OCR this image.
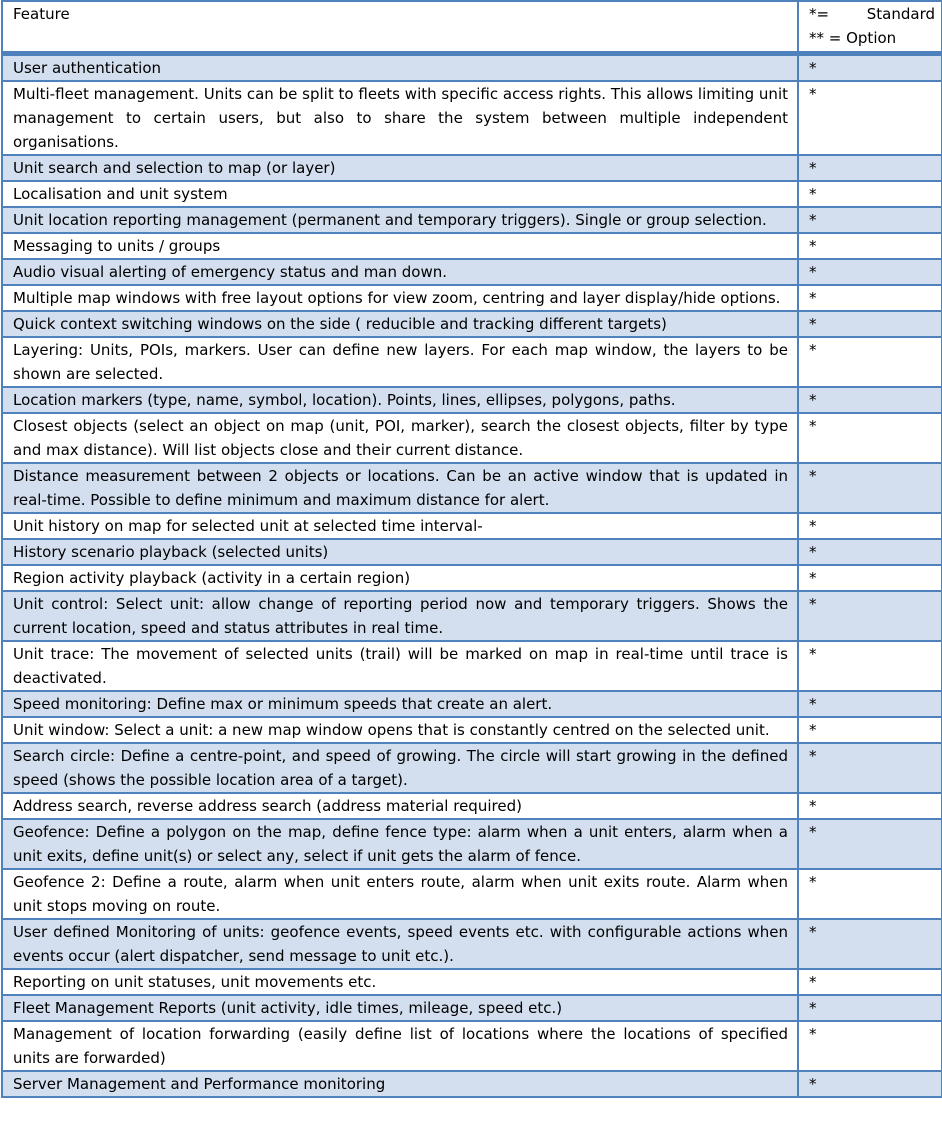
Feature	*= Standard
** = Option

User authentication	*
Multi-fleet management. Units can be split to fleets with specific access rights. This allows limiting unit management to certain users, but also to share the system between multiple independent organisations.	*
Unit search and selection to map (or layer)	*
Localisation and unit system	*
Unit location reporting management (permanent and temporary triggers). Single or group selection.	*
Messaging to units / groups	*
Audio visual alerting of emergency status and man down.	*
Multiple map windows with free layout options for view zoom, centring and layer display/hide options.	*
Quick context switching windows on the side ( reducible and tracking different targets)	*
Layering: Units, POIs, markers. User can define new layers. For each map window, the layers to be shown are selected.	*
Location markers (type, name, symbol, location). Points, lines, ellipses, polygons, paths.	*
Closest objects (select an object on map (unit, POI, marker), search the closest objects, filter by type and max distance). Will list objects close and their current distance.	*
Distance measurement between 2 objects or locations. Can be an active window that is updated in real-time. Possible to define minimum and maximum distance for alert.	*
Unit history on map for selected unit at selected time interval-	*
History scenario playback (selected units)	*
Region activity playback (activity in a certain region)	*
Unit control: Select unit: allow change of reporting period now and temporary triggers. Shows the current location, speed and status attributes in real time.	*
Unit trace: The movement of selected units (trail) will be marked on map in real-time until trace is deactivated.	*
Speed monitoring: Define max or minimum speeds that create an alert.	*
Unit window: Select a unit: a new map window opens that is constantly centred on the selected unit.	*
Search circle: Define a centre-point, and speed of growing. The circle will start growing in the defined speed (shows the possible location area of a target).	*
Address search, reverse address search (address material required)	*
Geofence: Define a polygon on the map, define fence type: alarm when a unit enters, alarm when a unit exits, define unit(s) or select any, select if unit gets the alarm of fence.	*
Geofence 2: Define a route, alarm when unit enters route, alarm when unit exits route. Alarm when unit stops moving on route.	*
User defined Monitoring of units: geofence events, speed events etc. with configurable actions when events occur (alert dispatcher, send message to unit etc.).	*
Reporting on unit statuses, unit movements etc.	*
Fleet Management Reports (unit activity, idle times, mileage, speed etc.)	*
Management of location forwarding (easily define list of locations where the locations of specified units are forwarded)	*
Server Management and Performance monitoring	*
